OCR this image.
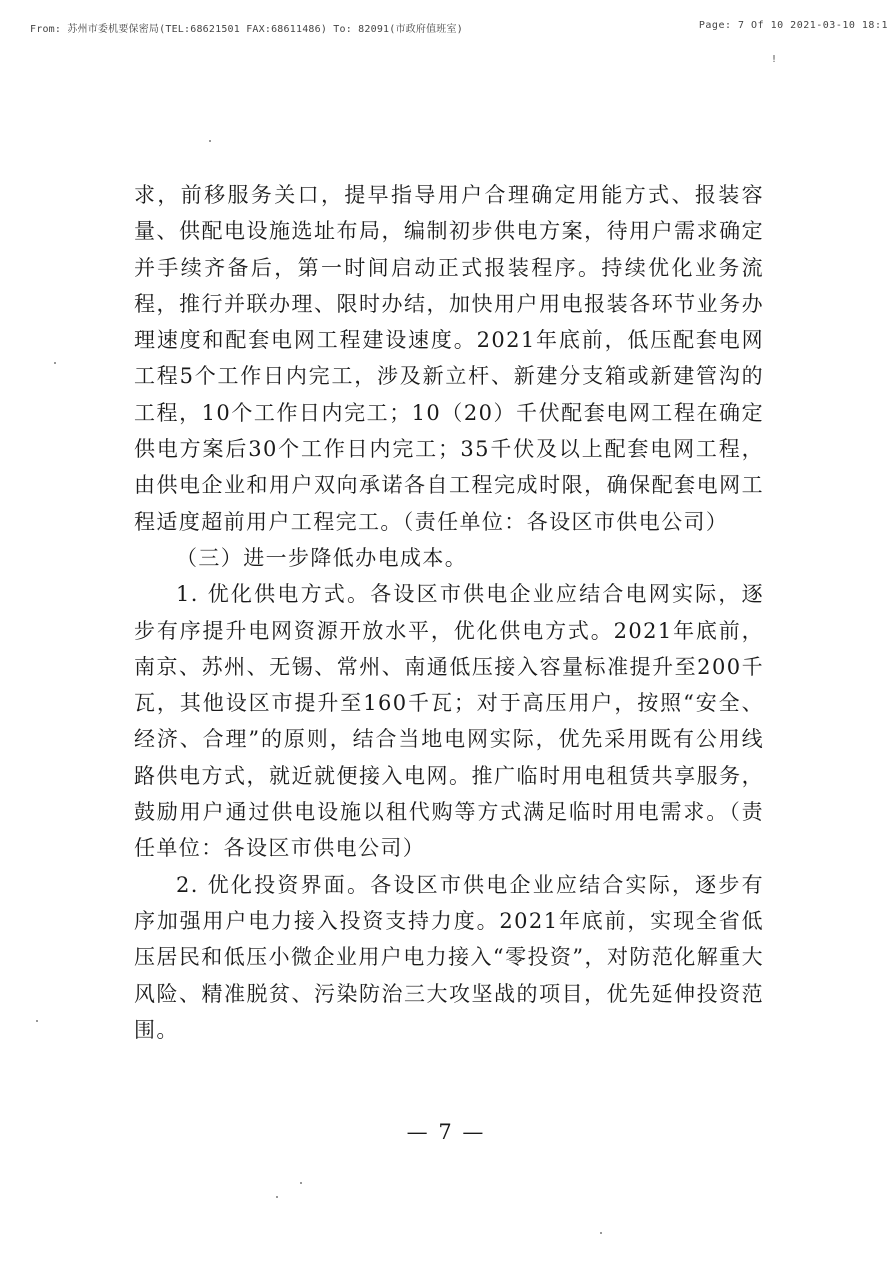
From: 苏州市委机要保密局(TEL:68621501 FAX:68611486) To: 82091(市政府值班室)	Page: 7 Of 10 2021-03-10 18:1
!

求，前移服务关口，提早指导用户合理确定用能方式、报装容量、供配电设施选址布局，编制初步供电方案，待用户需求确定并手续齐备后，第一时间启动正式报装程序。持续优化业务流程，推行并联办理、限时办结，加快用户用电报装各环节业务办理速度和配套电网工程建设速度。2021年底前，低压配套电网工程5个工作日内完工，涉及新立杆、新建分支箱或新建管沟的工程，10个工作日内完工；10（20）千伏配套电网工程在确定供电方案后30个工作日内完工；35千伏及以上配套电网工程，由供电企业和用户双向承诺各自工程完成时限，确保配套电网工程适度超前用户工程完工。（责任单位：各设区市供电公司）

（三）进一步降低办电成本。

1. 优化供电方式。各设区市供电企业应结合电网实际，逐步有序提升电网资源开放水平，优化供电方式。2021年底前，南京、苏州、无锡、常州、南通低压接入容量标准提升至200千瓦，其他设区市提升至160千瓦；对于高压用户，按照“安全、经济、合理”的原则，结合当地电网实际，优先采用既有公用线路供电方式，就近就便接入电网。推广临时用电租赁共享服务，鼓励用户通过供电设施以租代购等方式满足临时用电需求。（责任单位：各设区市供电公司）

2. 优化投资界面。各设区市供电企业应结合实际，逐步有序加强用户电力接入投资支持力度。2021年底前，实现全省低压居民和低压小微企业用户电力接入“零投资”，对防范化解重大风险、精准脱贫、污染防治三大攻坚战的项目，优先延伸投资范围。

— 7 —
